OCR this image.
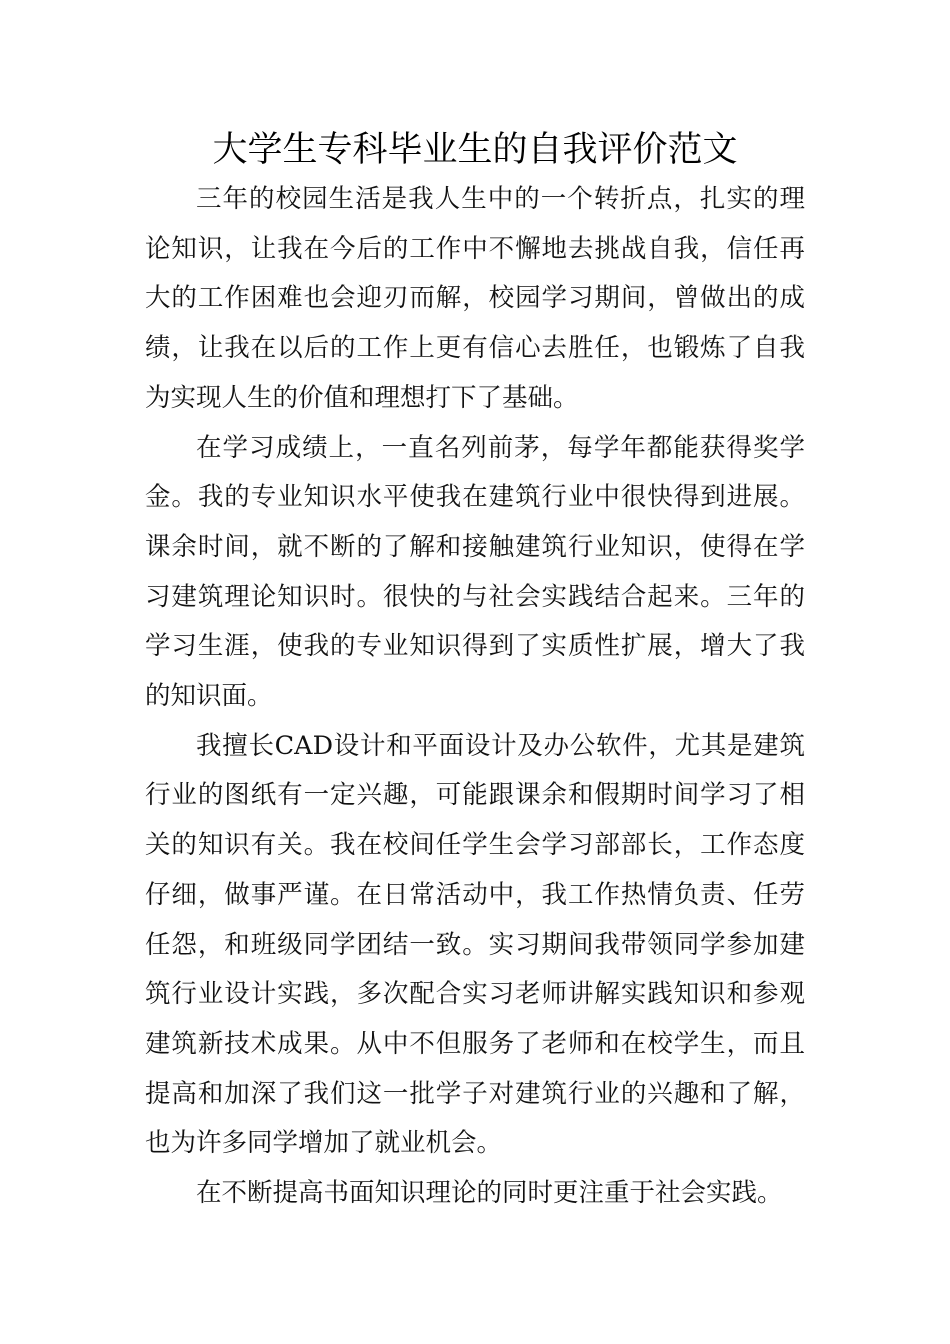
大学生专科毕业生的自我评价范文

三年的校园生活是我人生中的一个转折点，扎实的理论知识，让我在今后的工作中不懈地去挑战自我，信任再大的工作困难也会迎刃而解，校园学习期间，曾做出的成绩，让我在以后的工作上更有信心去胜任，也锻炼了自我为实现人生的价值和理想打下了基础。

在学习成绩上，一直名列前茅，每学年都能获得奖学金。我的专业知识水平使我在建筑行业中很快得到进展。课余时间，就不断的了解和接触建筑行业知识，使得在学习建筑理论知识时。很快的与社会实践结合起来。三年的学习生涯，使我的专业知识得到了实质性扩展，增大了我的知识面。

我擅长CAD设计和平面设计及办公软件，尤其是建筑行业的图纸有一定兴趣，可能跟课余和假期时间学习了相关的知识有关。我在校间任学生会学习部部长，工作态度仔细，做事严谨。在日常活动中，我工作热情负责、任劳任怨，和班级同学团结一致。实习期间我带领同学参加建筑行业设计实践，多次配合实习老师讲解实践知识和参观建筑新技术成果。从中不但服务了老师和在校学生，而且提高和加深了我们这一批学子对建筑行业的兴趣和了解，也为许多同学增加了就业机会。

在不断提高书面知识理论的同时更注重于社会实践。
